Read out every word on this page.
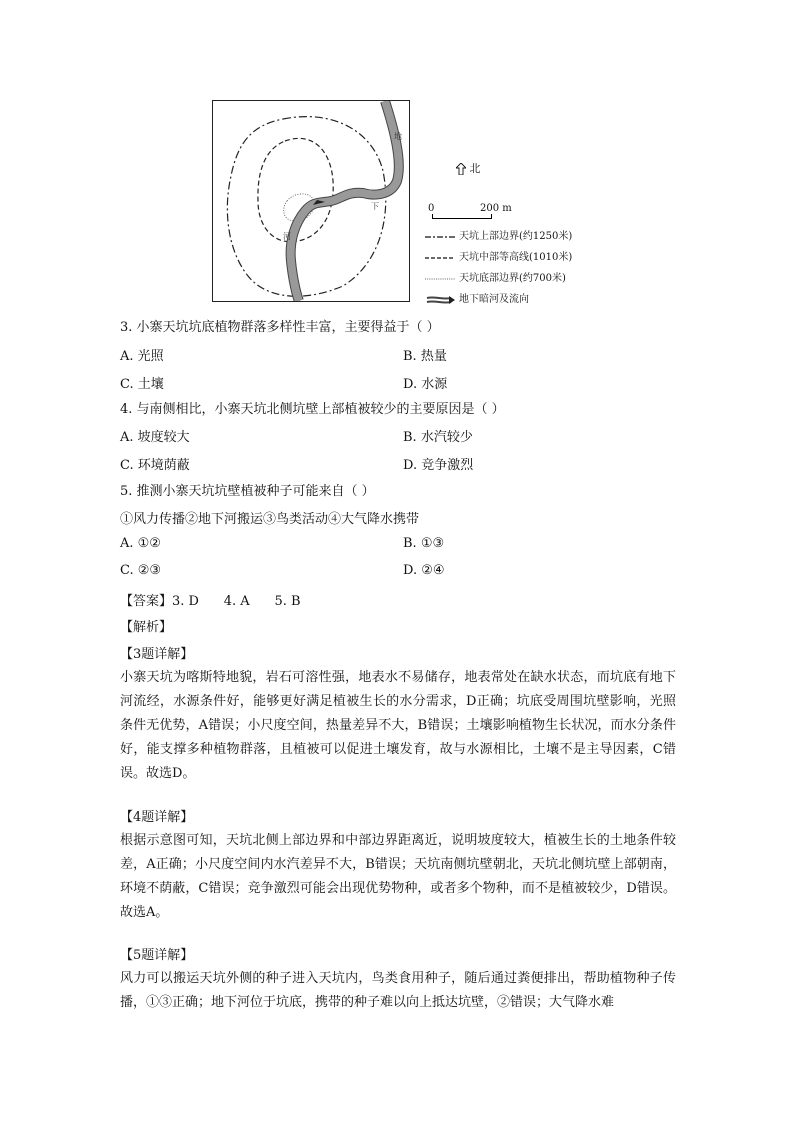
地
下
河
北
0	200 m
天坑上部边界(约1250米)
天坑中部等高线(1010米)
天坑底部边界(约700米)
地下暗河及流向
3. 小寨天坑坑底植物群落多样性丰富，主要得益于（ ）
A. 光照	B. 热量
C. 土壤	D. 水源
4. 与南侧相比，小寨天坑北侧坑壁上部植被较少的主要原因是（ ）
A. 坡度较大	B. 水汽较少
C. 环境荫蔽	D. 竞争激烈
5. 推测小寨天坑坑壁植被种子可能来自（ ）
①风力传播②地下河搬运③鸟类活动④大气降水携带
A. ①②	B. ①③
C. ②③	D. ②④
【答案】3. D      4. A      5. B
【解析】
【3题详解】
小寨天坑为喀斯特地貌，岩石可溶性强，地表水不易储存，地表常处在缺水状态，而坑底有地下河流经，水源条件好，能够更好满足植被生长的水分需求，D正确；坑底受周围坑壁影响，光照条件无优势，A错误；小尺度空间，热量差异不大，B错误；土壤影响植物生长状况，而水分条件好，能支撑多种植物群落，且植被可以促进土壤发育，故与水源相比，土壤不是主导因素，C错误。故选D。
【4题详解】
根据示意图可知，天坑北侧上部边界和中部边界距离近，说明坡度较大，植被生长的土地条件较差，A正确；小尺度空间内水汽差异不大，B错误；天坑南侧坑壁朝北，天坑北侧坑壁上部朝南，环境不荫蔽，C错误；竞争激烈可能会出现优势物种，或者多个物种，而不是植被较少，D错误。故选A。
【5题详解】
风力可以搬运天坑外侧的种子进入天坑内，鸟类食用种子，随后通过粪便排出，帮助植物种子传播，①③正确；地下河位于坑底，携带的种子难以向上抵达坑壁，②错误；大气降水难
